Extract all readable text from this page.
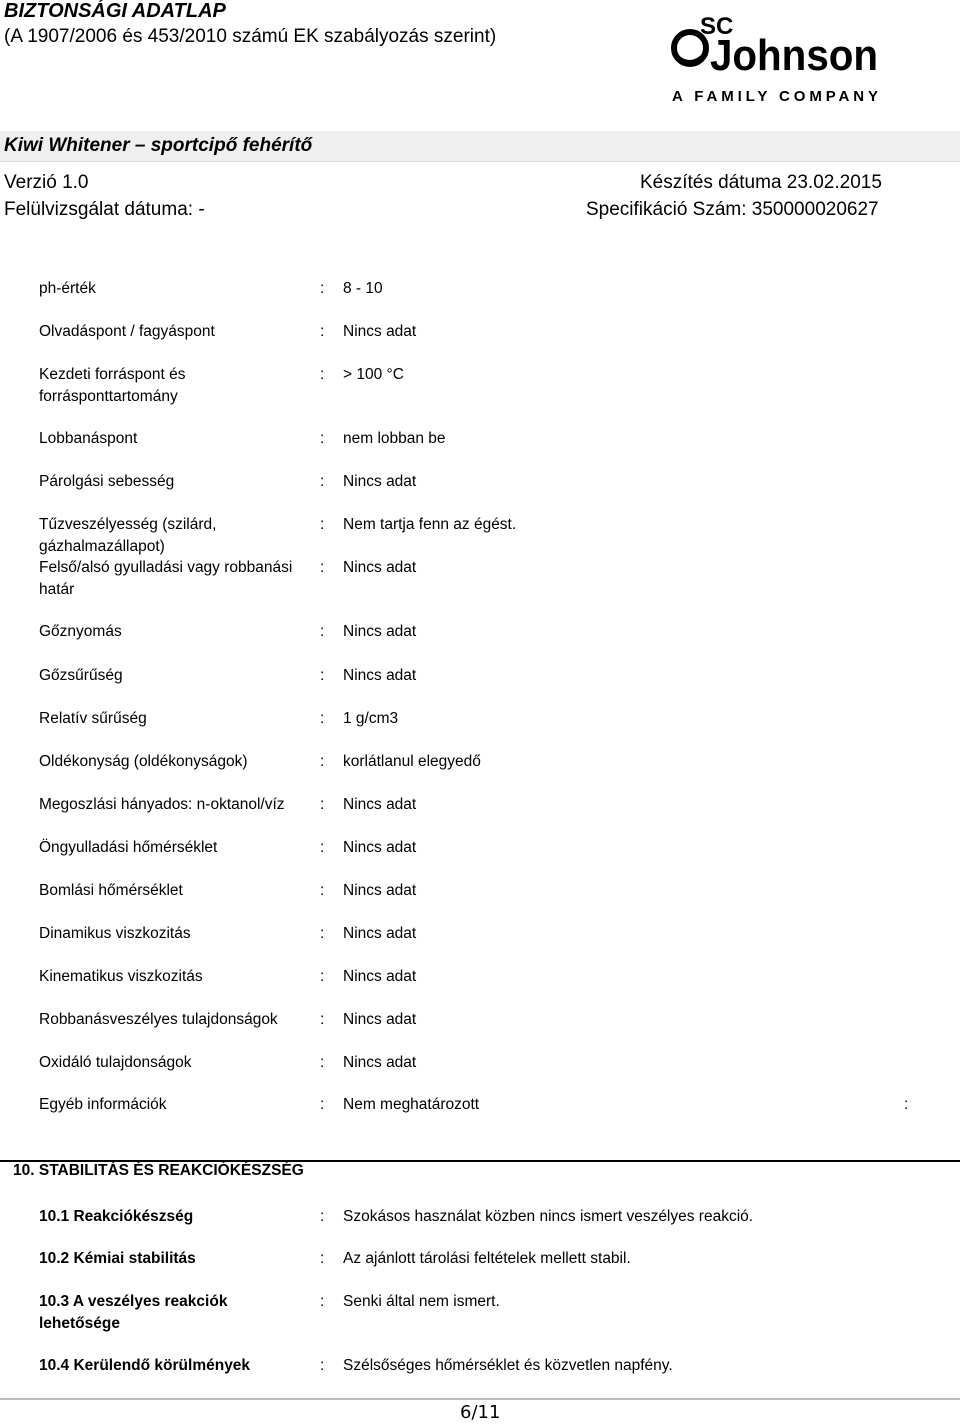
BIZTONSÁGI ADATLAP
(A 1907/2006 és 453/2010 számú EK szabályozás szerint)	SC
Johnson
A FAMILY COMPANY
Kiwi Whitener – sportcipő fehérítő
Verzió 1.0
Felülvizsgálat dátuma: -
Készítés dátuma 23.02.2015
Specifikáció Szám: 350000020627
ph-érték	: 8 - 10
Olvadáspont / fagyáspont	: Nincs adat
Kezdeti forráspont és forrásponttartomány
: > 100 °C
Lobbanáspont	: nem lobban be
Párolgási sebesség	: Nincs adat
Tűzveszélyesség (szilárd, gázhalmazállapot)
: Nem tartja fenn az égést.
Felső/alsó gyulladási vagy robbanási határ
: Nincs adat
Gőznyomás	: Nincs adat
Gőzsűrűség	: Nincs adat
Relatív sűrűség	: 1 g/cm3
Oldékonyság (oldékonyságok)	: korlátlanul elegyedő
Megoszlási hányados: n-oktanol/víz	: Nincs adat
Öngyulladási hőmérséklet	: Nincs adat
Bomlási hőmérséklet	: Nincs adat
Dinamikus viszkozitás	: Nincs adat
Kinematikus viszkozitás	: Nincs adat
Robbanásveszélyes tulajdonságok	: Nincs adat
Oxidáló tulajdonságok	: Nincs adat
Egyéb információk	: Nem meghatározott	:
10. STABILITÁS ÉS REAKCIÓKÉSZSÉG
10.1 Reakciókészség	: Szokásos használat közben nincs ismert veszélyes reakció.
10.2 Kémiai stabilitás	: Az ajánlott tárolási feltételek mellett stabil.
10.3 A veszélyes reakciók lehetősége
: Senki által nem ismert.
10.4 Kerülendő körülmények	: Szélsőséges hőmérséklet és közvetlen napfény.
6/11
